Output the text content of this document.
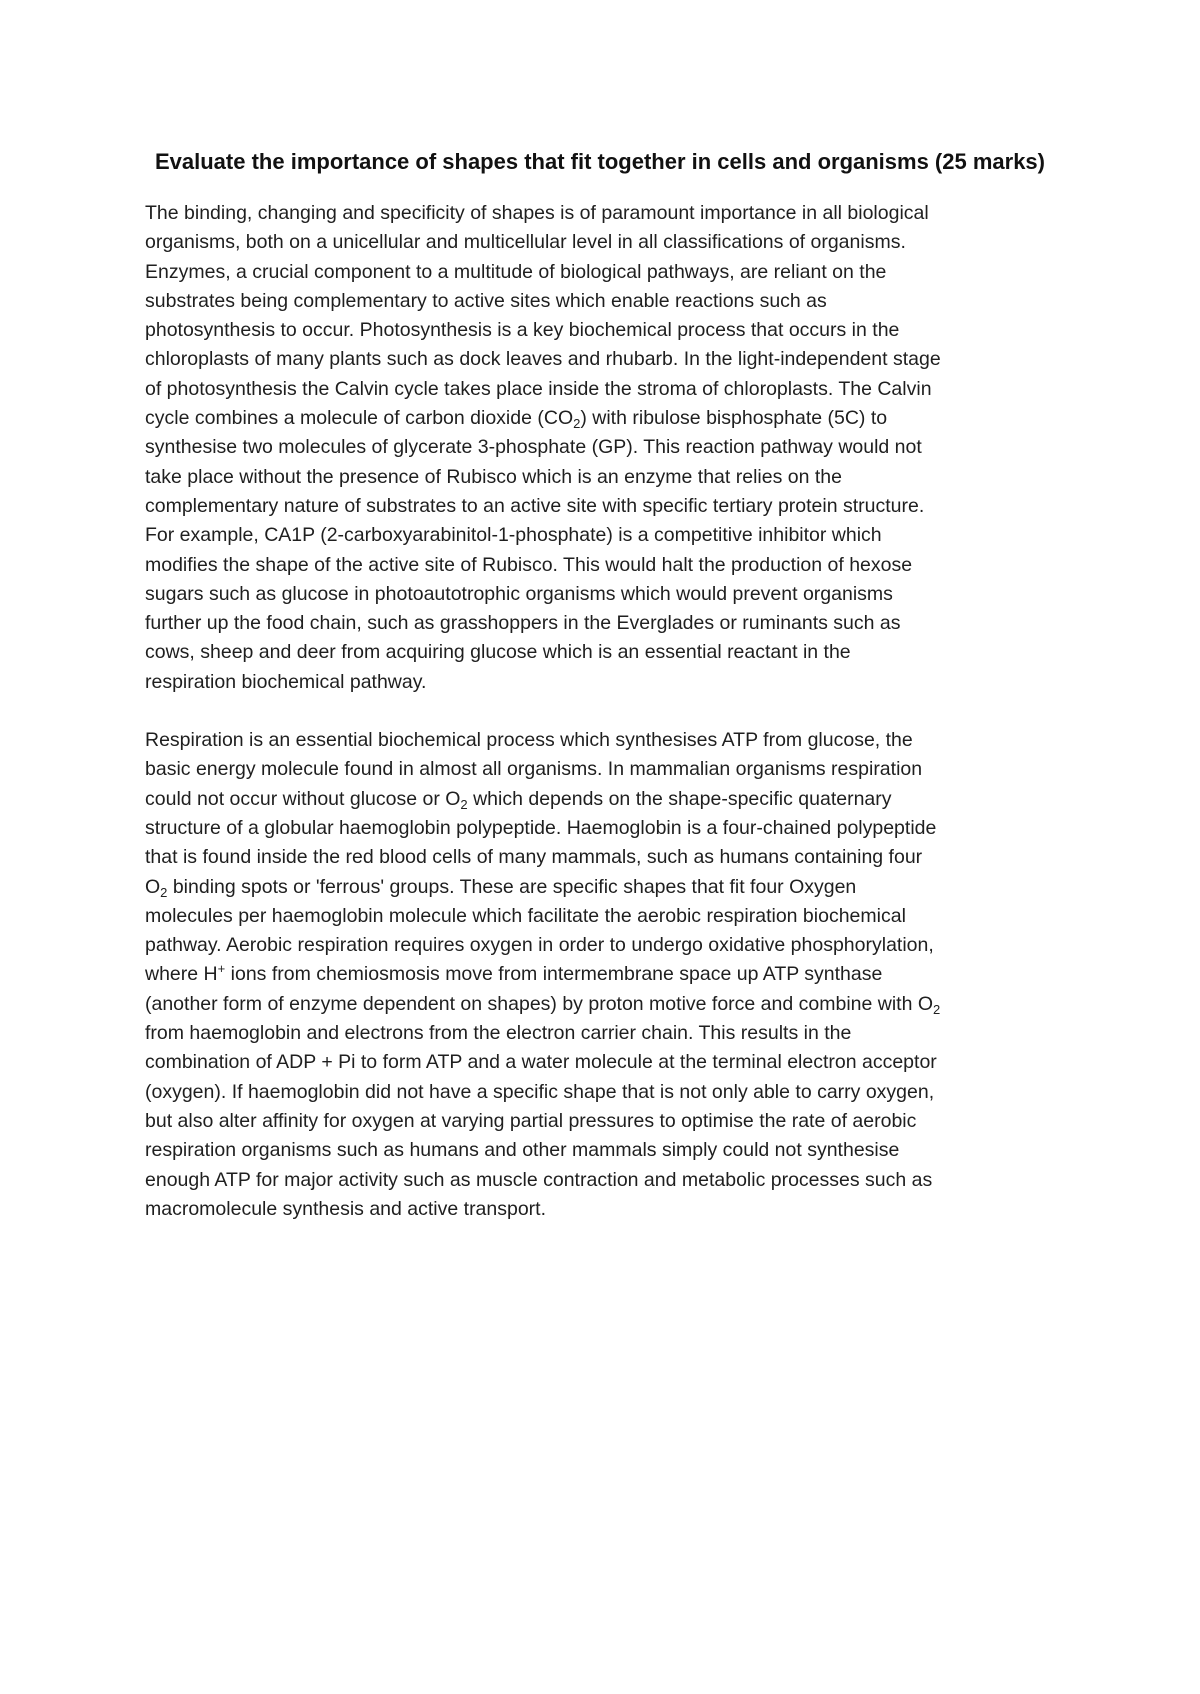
Evaluate the importance of shapes that fit together in cells and organisms (25 marks)

The binding, changing and specificity of shapes is of paramount importance in all biological
organisms, both on a unicellular and multicellular level in all classifications of organisms.
Enzymes, a crucial component to a multitude of biological pathways, are reliant on the
substrates being complementary to active sites which enable reactions such as
photosynthesis to occur. Photosynthesis is a key biochemical process that occurs in the
chloroplasts of many plants such as dock leaves and rhubarb. In the light-independent stage
of photosynthesis the Calvin cycle takes place inside the stroma of chloroplasts. The Calvin
cycle combines a molecule of carbon dioxide $(CO_2)$ with ribulose bisphosphate (5C) to
synthesise two molecules of glycerate 3-phosphate (GP). This reaction pathway would not
take place without the presence of Rubisco which is an enzyme that relies on the
complementary nature of substrates to an active site with specific tertiary protein structure.
For example, CA1P (2-carboxyarabinitol-1-phosphate) is a competitive inhibitor which
modifies the shape of the active site of Rubisco. This would halt the production of hexose
sugars such as glucose in photoautotrophic organisms which would prevent organisms
further up the food chain, such as grasshoppers in the Everglades or ruminants such as
cows, sheep and deer from acquiring glucose which is an essential reactant in the
respiration biochemical pathway.

Respiration is an essential biochemical process which synthesises ATP from glucose, the
basic energy molecule found in almost all organisms. In mammalian organisms respiration
could not occur without glucose or $O_2$ which depends on the shape-specific quaternary
structure of a globular haemoglobin polypeptide. Haemoglobin is a four-chained polypeptide
that is found inside the red blood cells of many mammals, such as humans containing four
$O_2$ binding spots or 'ferrous' groups. These are specific shapes that fit four Oxygen
molecules per haemoglobin molecule which facilitate the aerobic respiration biochemical
pathway. Aerobic respiration requires oxygen in order to undergo oxidative phosphorylation,
where H+ ions from chemiosmosis move from intermembrane space up ATP synthase
(another form of enzyme dependent on shapes) by proton motive force and combine with $O_2$
from haemoglobin and electrons from the electron carrier chain. This results in the
combination of ADP + Pi to form ATP and a water molecule at the terminal electron acceptor
(oxygen). If haemoglobin did not have a specific shape that is not only able to carry oxygen,
but also alter affinity for oxygen at varying partial pressures to optimise the rate of aerobic
respiration organisms such as humans and other mammals simply could not synthesise
enough ATP for major activity such as muscle contraction and metabolic processes such as
macromolecule synthesis and active transport.
